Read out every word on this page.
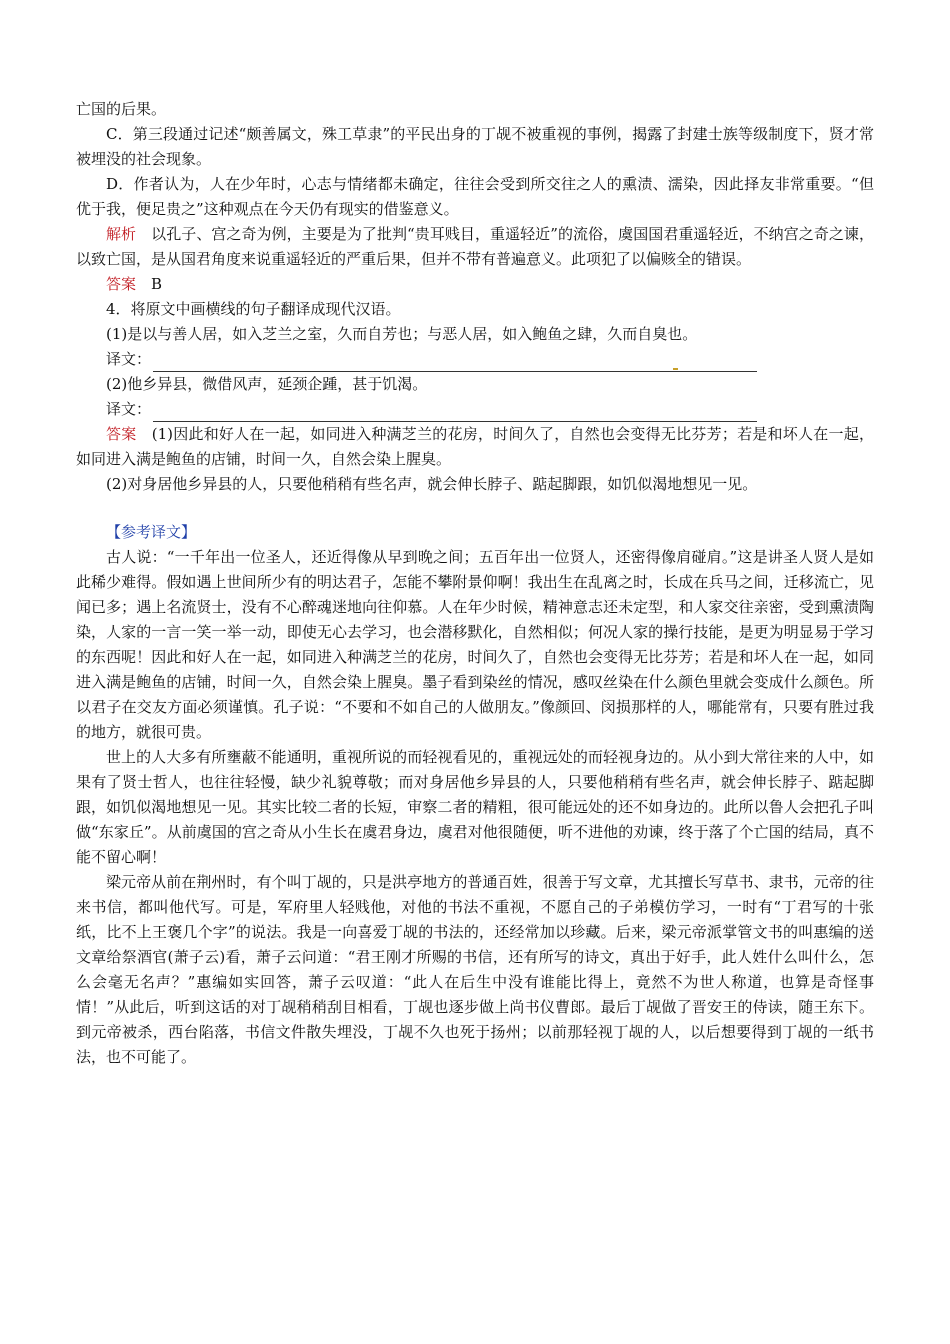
亡国的后果。

C．第三段通过记述“颇善属文，殊工草隶”的平民出身的丁觇不被重视的事例，揭露了封建士族等级制度下，贤才常被埋没的社会现象。

D．作者认为，人在少年时，心志与情绪都未确定，往往会受到所交往之人的熏渍、濡染，因此择友非常重要。“但优于我，便足贵之”这种观点在今天仍有现实的借鉴意义。

解析　以孔子、宫之奇为例，主要是为了批判“贵耳贱目，重遥轻近”的流俗，虞国国君重遥轻近，不纳宫之奇之谏，以致亡国，是从国君角度来说重遥轻近的严重后果，但并不带有普遍意义。此项犯了以偏赅全的错误。

答案　B

4．将原文中画横线的句子翻译成现代汉语。

(1)是以与善人居，如入芝兰之室，久而自芳也；与恶人居，如入鲍鱼之肆，久而自臭也。

译文：

(2)他乡异县，微借风声，延颈企踵，甚于饥渴。

译文：

答案　(1)因此和好人在一起，如同进入种满芝兰的花房，时间久了，自然也会变得无比芬芳；若是和坏人在一起，如同进入满是鲍鱼的店铺，时间一久，自然会染上腥臭。

(2)对身居他乡异县的人，只要他稍稍有些名声，就会伸长脖子、踮起脚跟，如饥似渴地想见一见。

【参考译文】

古人说：“一千年出一位圣人，还近得像从早到晚之间；五百年出一位贤人，还密得像肩碰肩。”这是讲圣人贤人是如此稀少难得。假如遇上世间所少有的明达君子，怎能不攀附景仰啊！我出生在乱离之时，长成在兵马之间，迁移流亡，见闻已多；遇上名流贤士，没有不心醉魂迷地向往仰慕。人在年少时候，精神意志还未定型，和人家交往亲密，受到熏渍陶染，人家的一言一笑一举一动，即使无心去学习，也会潜移默化，自然相似；何况人家的操行技能，是更为明显易于学习的东西呢！因此和好人在一起，如同进入种满芝兰的花房，时间久了，自然也会变得无比芬芳；若是和坏人在一起，如同进入满是鲍鱼的店铺，时间一久，自然会染上腥臭。墨子看到染丝的情况，感叹丝染在什么颜色里就会变成什么颜色。所以君子在交友方面必须谨慎。孔子说：“不要和不如自己的人做朋友。”像颜回、闵损那样的人，哪能常有，只要有胜过我的地方，就很可贵。

世上的人大多有所壅蔽不能通明，重视所说的而轻视看见的，重视远处的而轻视身边的。从小到大常往来的人中，如果有了贤士哲人，也往往轻慢，缺少礼貌尊敬；而对身居他乡异县的人，只要他稍稍有些名声，就会伸长脖子、踮起脚跟，如饥似渴地想见一见。其实比较二者的长短，审察二者的精粗，很可能远处的还不如身边的。此所以鲁人会把孔子叫做“东家丘”。从前虞国的宫之奇从小生长在虞君身边，虞君对他很随便，听不进他的劝谏，终于落了个亡国的结局，真不能不留心啊！

梁元帝从前在荆州时，有个叫丁觇的，只是洪亭地方的普通百姓，很善于写文章，尤其擅长写草书、隶书，元帝的往来书信，都叫他代写。可是，军府里人轻贱他，对他的书法不重视，不愿自己的子弟模仿学习，一时有“丁君写的十张纸，比不上王褒几个字”的说法。我是一向喜爱丁觇的书法的，还经常加以珍藏。后来，梁元帝派掌管文书的叫惠编的送文章给祭酒官(萧子云)看，萧子云问道：“君王刚才所赐的书信，还有所写的诗文，真出于好手，此人姓什么叫什么，怎么会毫无名声？”惠编如实回答，萧子云叹道：“此人在后生中没有谁能比得上，竟然不为世人称道，也算是奇怪事情！”从此后，听到这话的对丁觇稍稍刮目相看，丁觇也逐步做上尚书仪曹郎。最后丁觇做了晋安王的侍读，随王东下。到元帝被杀，西台陷落，书信文件散失埋没，丁觇不久也死于扬州；以前那轻视丁觇的人，以后想要得到丁觇的一纸书法，也不可能了。
